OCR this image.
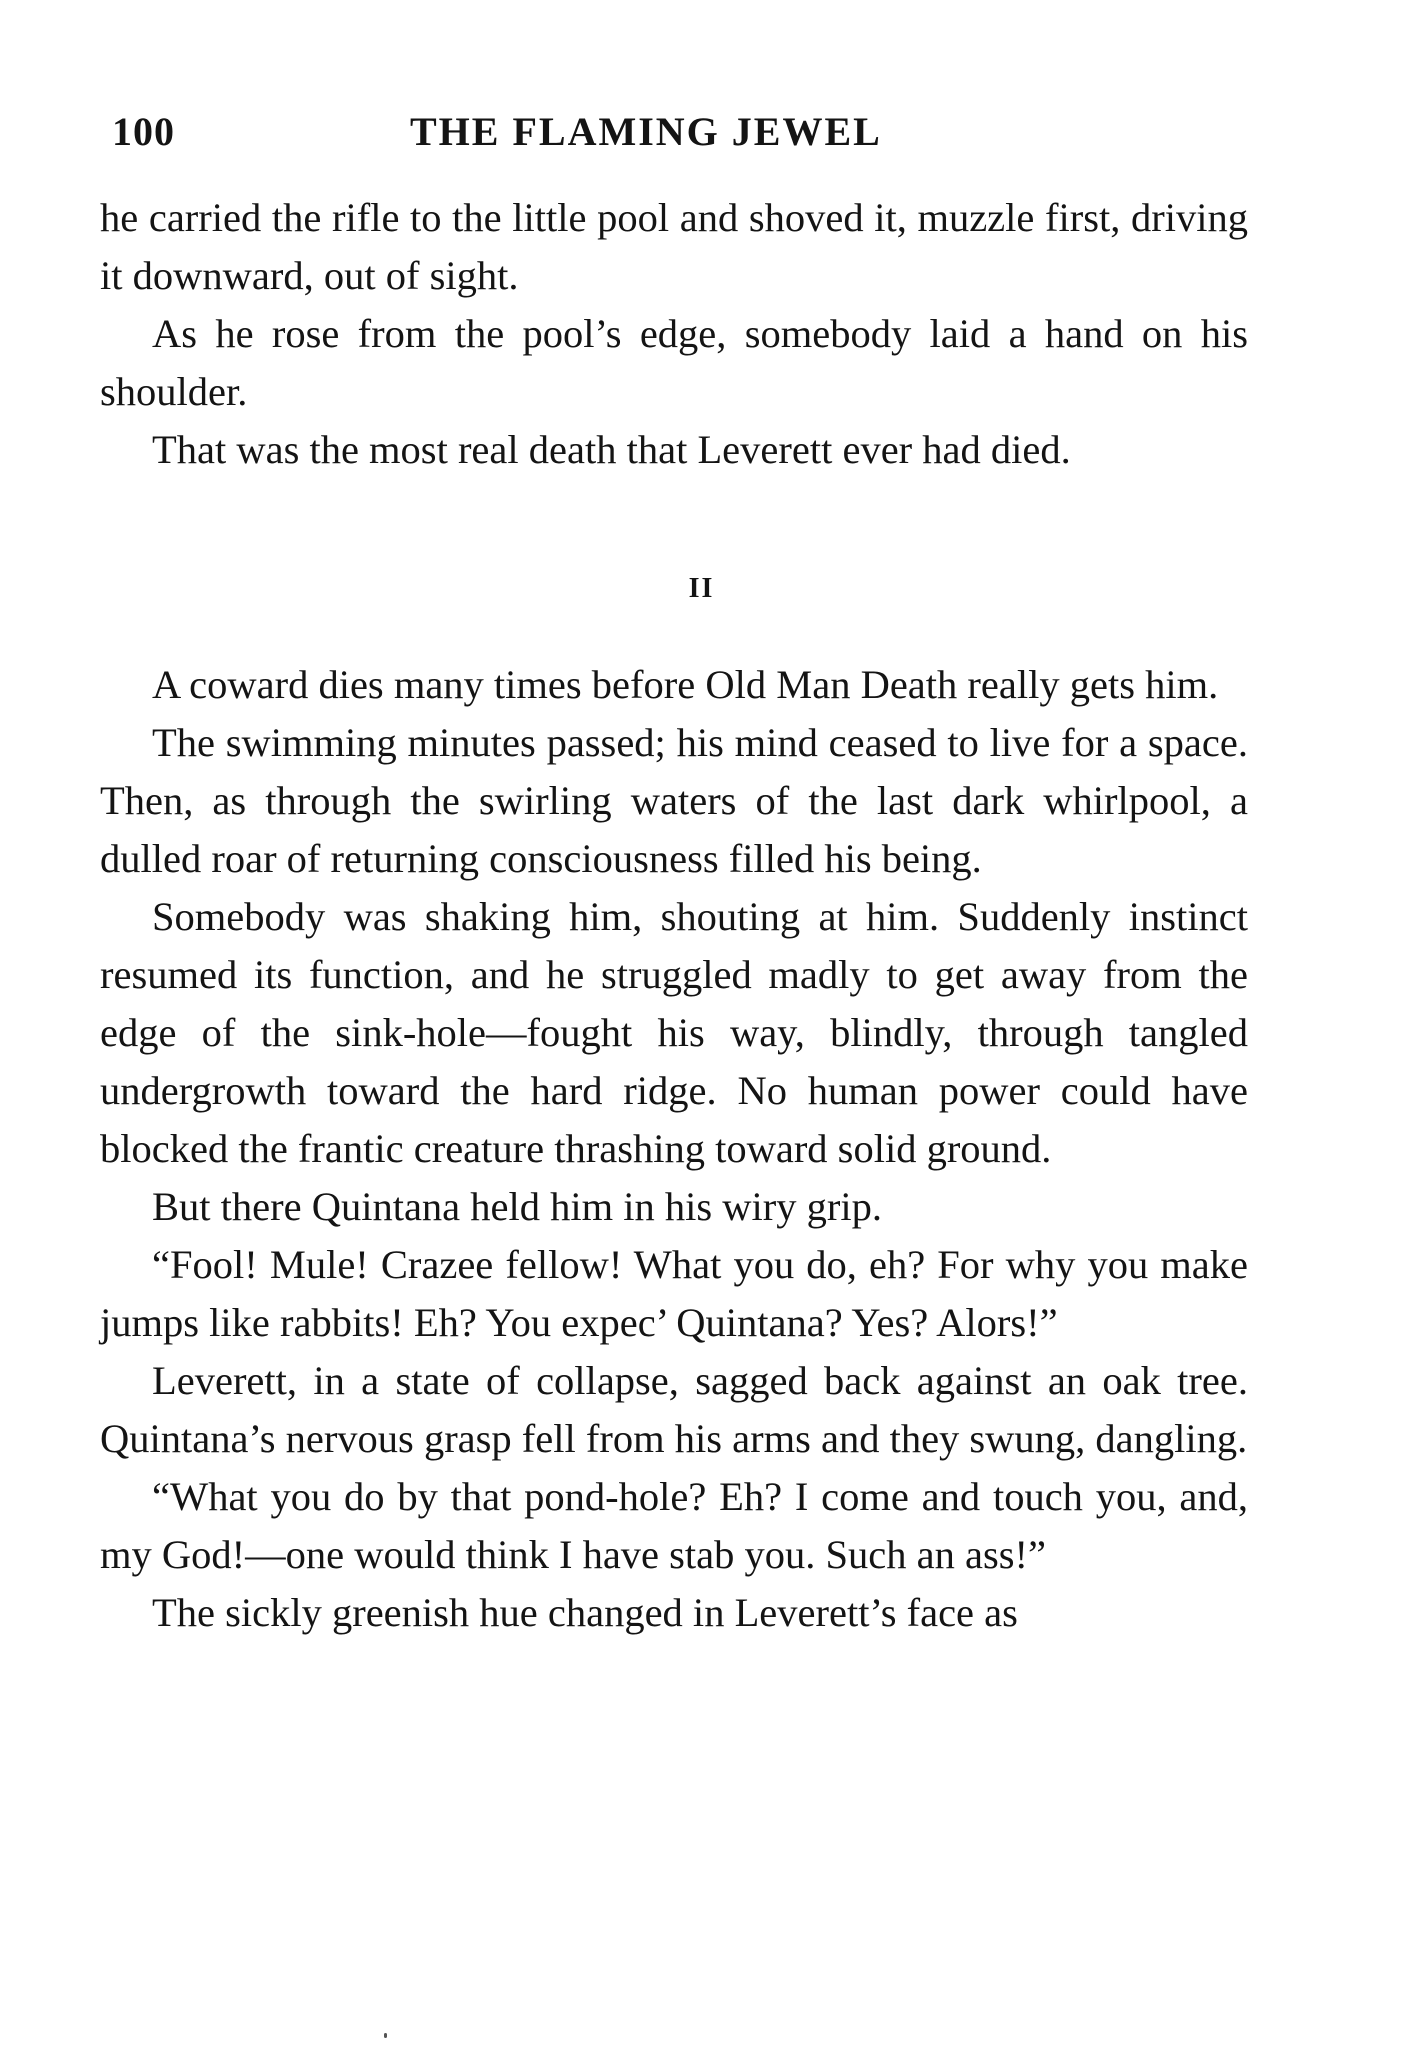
100	THE FLAMING JEWEL

he carried the rifle to the little pool and shoved it, muzzle first, driving it downward, out of sight.

As he rose from the pool’s edge, somebody laid a hand on his shoulder.

That was the most real death that Leverett ever had died.

II

A coward dies many times before Old Man Death really gets him.

The swimming minutes passed; his mind ceased to live for a space. Then, as through the swirling waters of the last dark whirlpool, a dulled roar of returning consciousness filled his being.

Somebody was shaking him, shouting at him. Suddenly instinct resumed its function, and he struggled madly to get away from the edge of the sink-hole—fought his way, blindly, through tangled undergrowth toward the hard ridge. No human power could have blocked the frantic creature thrashing toward solid ground.

But there Quintana held him in his wiry grip.

“Fool! Mule! Crazee fellow! What you do, eh? For why you make jumps like rabbits! Eh? You expec’ Quintana? Yes? Alors!”

Leverett, in a state of collapse, sagged back against an oak tree. Quintana’s nervous grasp fell from his arms and they swung, dangling.

“What you do by that pond-hole? Eh? I come and touch you, and, my God!—one would think I have stab you. Such an ass!”

The sickly greenish hue changed in Leverett’s face as
